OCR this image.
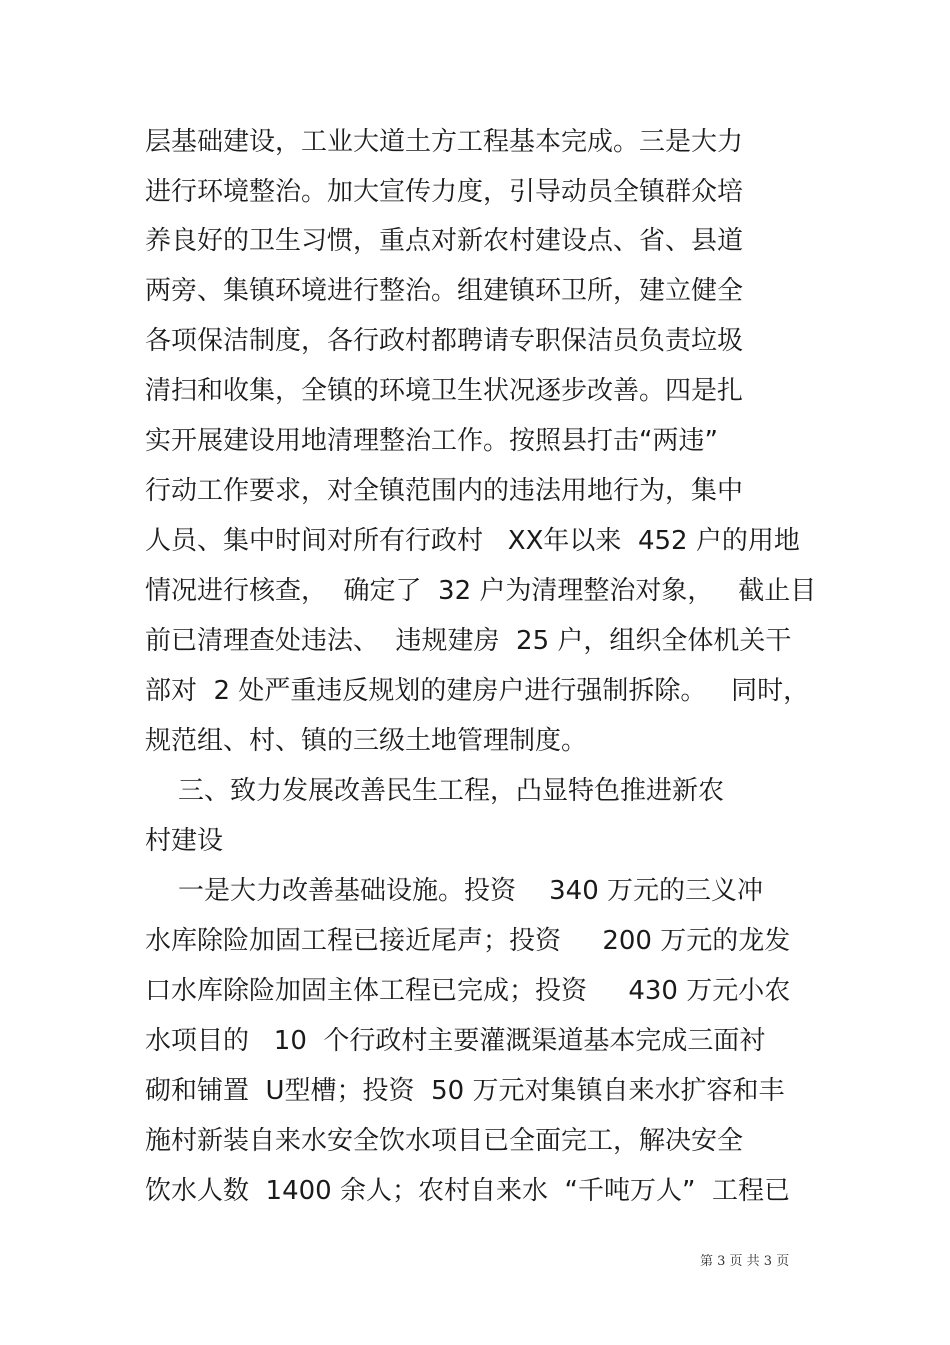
层基础建设，工业大道土方工程基本完成。三是大力
进行环境整治。加大宣传力度，引导动员全镇群众培
养良好的卫生习惯，重点对新农村建设点、省、县道
两旁、集镇环境进行整治。组建镇环卫所，建立健全
各项保洁制度，各行政村都聘请专职保洁员负责垃圾
清扫和收集，全镇的环境卫生状况逐步改善。四是扎
实开展建设用地清理整治工作。按照县打击“两违”
行动工作要求，对全镇范围内的违法用地行为，集中
人员、集中时间对所有行政村   XX年以来  452 户的用地
情况进行核查，  确定了  32 户为清理整治对象，   截止目
前已清理查处违法、  违规建房  25 户，组织全体机关干
部对  2 处严重违反规划的建房户进行强制拆除。   同时，
规范组、村、镇的三级土地管理制度。
三、致力发展改善民生工程，凸显特色推进新农
村建设
一是大力改善基础设施。投资    340 万元的三义冲
水库除险加固工程已接近尾声；投资     200 万元的龙发
口水库除险加固主体工程已完成；投资     430 万元小农
水项目的   10  个行政村主要灌溉渠道基本完成三面衬
砌和铺置  U型槽；投资  50 万元对集镇自来水扩容和丰
施村新装自来水安全饮水项目已全面完工，解决安全
饮水人数  1400 余人；农村自来水  “千吨万人”  工程已
第 3 页 共 3 页
